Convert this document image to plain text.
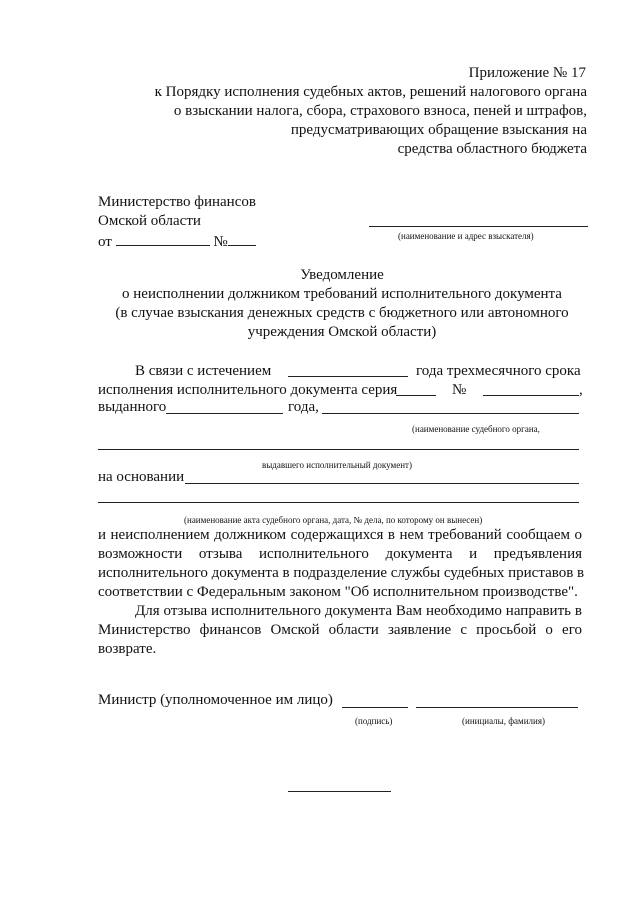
Приложение № 17
к Порядку исполнения судебных актов, решений налогового органа
о взыскании налога, сбора, страхового взноса, пеней и штрафов,
предусматривающих обращение взыскания на
средства областного бюджета
Министерство финансов
Омской области
от	№	(наименование и адрес взыскателя)
Уведомление
о неисполнении должником требований исполнительного документа
(в случае взыскания денежных средств с бюджетного или автономного
учреждения Омской области)
В связи с истечением	года трехмесячного срока
исполнения исполнительного документа серия	№	,
выданного	года,
(наименование судебного органа,
выдавшего исполнительный документ)
на основании
(наименование акта судебного органа, дата, № дела, по которому он вынесен)
и неисполнением должником содержащихся в нем требований сообщаем о
возможности отзыва исполнительного документа и предъявления
исполнительного документа в подразделение службы судебных приставов в
соответствии с Федеральным законом "Об исполнительном производстве".
Для отзыва исполнительного документа Вам необходимо направить в
Министерство финансов Омской области заявление с просьбой о его
возврате.
Министр (уполномоченное им лицо)
(подпись)	(инициалы, фамилия)
